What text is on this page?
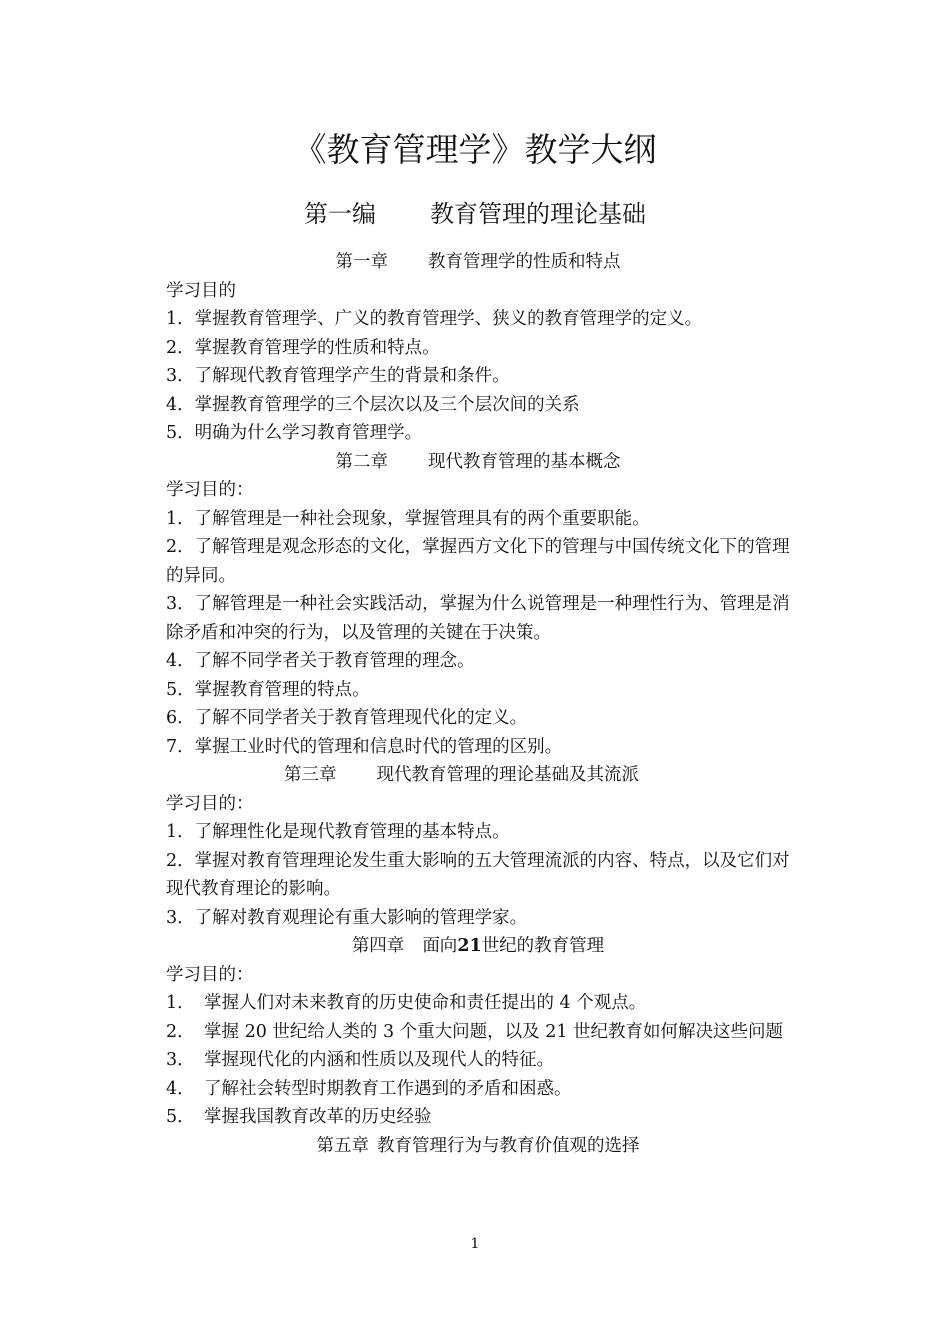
《教育管理学》教学大纲
第一编 教育管理的理论基础
第一章 教育管理学的性质和特点
学习目的
1．掌握教育管理学、广义的教育管理学、狭义的教育管理学的定义。
2．掌握教育管理学的性质和特点。
3．了解现代教育管理学产生的背景和条件。
4．掌握教育管理学的三个层次以及三个层次间的关系
5．明确为什么学习教育管理学。
第二章 现代教育管理的基本概念
学习目的：
1．了解管理是一种社会现象，掌握管理具有的两个重要职能。
2．了解管理是观念形态的文化，掌握西方文化下的管理与中国传统文化下的管理的异同。
3．了解管理是一种社会实践活动，掌握为什么说管理是一种理性行为、管理是消除矛盾和冲突的行为，以及管理的关键在于决策。
4．了解不同学者关于教育管理的理念。
5．掌握教育管理的特点。
6．了解不同学者关于教育管理现代化的定义。
7．掌握工业时代的管理和信息时代的管理的区别。
第三章 现代教育管理的理论基础及其流派
学习目的：
1．了解理性化是现代教育管理的基本特点。
2．掌握对教育管理理论发生重大影响的五大管理流派的内容、特点，以及它们对现代教育理论的影响。
3．了解对教育观理论有重大影响的管理学家。
第四章 面向21世纪的教育管理
学习目的：
1． 掌握人们对未来教育的历史使命和责任提出的 4 个观点。
2． 掌握 20 世纪给人类的 3 个重大问题，以及 21 世纪教育如何解决这些问题
3． 掌握现代化的内涵和性质以及现代人的特征。
4． 了解社会转型时期教育工作遇到的矛盾和困惑。
5． 掌握我国教育改革的历史经验
第五章 教育管理行为与教育价值观的选择
1
